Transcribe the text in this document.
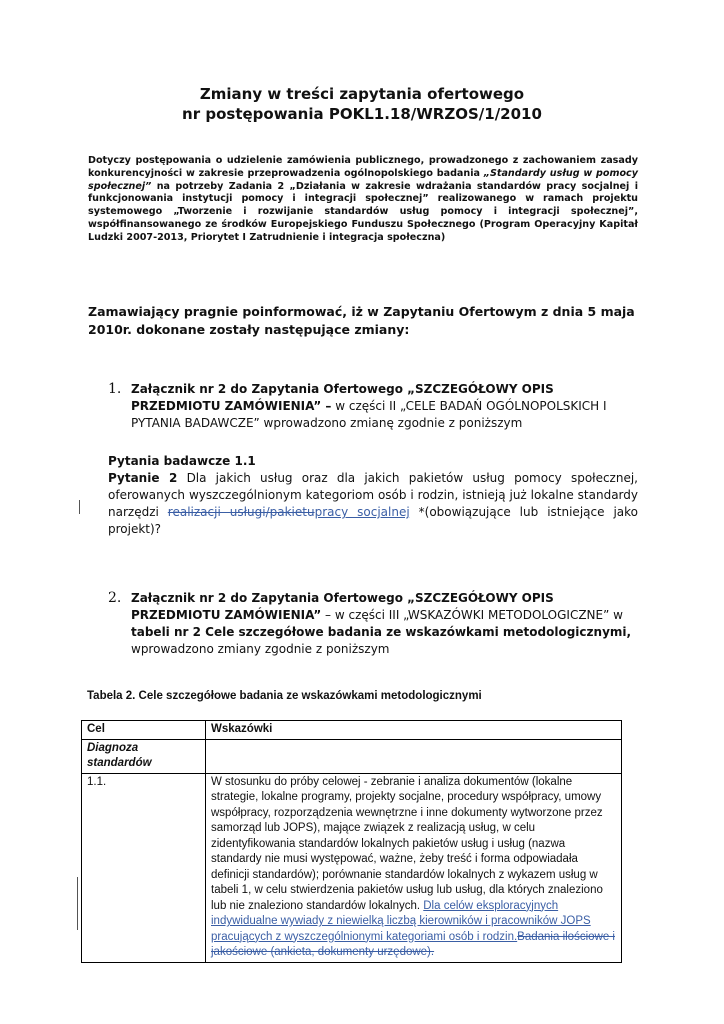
Zmiany w treści zapytania ofertowego
nr postępowania POKL1.18/WRZOS/1/2010
Dotyczy postępowania o udzielenie zamówienia publicznego, prowadzonego z zachowaniem zasady konkurencyjności w zakresie przeprowadzenia ogólnopolskiego badania „Standardy usług w pomocy społecznej” na potrzeby Zadania 2 „Działania w zakresie wdrażania standardów pracy socjalnej i funkcjonowania instytucji pomocy i integracji społecznej” realizowanego w ramach projektu systemowego „Tworzenie i rozwijanie standardów usług pomocy i integracji społecznej”, współfinansowanego ze środków Europejskiego Funduszu Społecznego (Program Operacyjny Kapitał Ludzki 2007-2013, Priorytet I Zatrudnienie i integracja społeczna)
Zamawiający pragnie poinformować, iż w Zapytaniu Ofertowym z dnia 5 maja 2010r. dokonane zostały następujące zmiany:
1. Załącznik nr 2 do Zapytania Ofertowego „SZCZEGÓŁOWY OPIS PRZEDMIOTU ZAMÓWIENIA” – w części II „CELE BADAŃ OGÓLNOPOLSKICH I PYTANIA BADAWCZE” wprowadzono zmianę zgodnie z poniższym
Pytania badawcze 1.1
Pytanie 2 Dla jakich usług oraz dla jakich pakietów usług pomocy społecznej, oferowanych wyszczególnionym kategoriom osób i rodzin, istnieją już lokalne standardy narzędzi realizacji usługi/pakietupracy socjalnej *(obowiązujące lub istniejące jako projekt)?
2. Załącznik nr 2 do Zapytania Ofertowego „SZCZEGÓŁOWY OPIS PRZEDMIOTU ZAMÓWIENIA” – w części III „WSKAZÓWKI METODOLOGICZNE” w tabeli nr 2 Cele szczegółowe badania ze wskazówkami metodologicznymi, wprowadzono zmiany zgodnie z poniższym
Tabela 2. Cele szczegółowe badania ze wskazówkami metodologicznymi
Cel	Wskazówki
Diagnoza standardów	
1.1.	W stosunku do próby celowej - zebranie i analiza dokumentów (lokalne strategie, lokalne programy, projekty socjalne, procedury współpracy, umowy współpracy, rozporządzenia wewnętrzne i inne dokumenty wytworzone przez samorząd lub JOPS), mające związek z realizacją usług, w celu zidentyfikowania standardów lokalnych pakietów usług i usług (nazwa standardy nie musi występować, ważne, żeby treść i forma odpowiadała definicji standardów); porównanie standardów lokalnych z wykazem usług w tabeli 1, w celu stwierdzenia pakietów usług lub usług, dla których znaleziono lub nie znaleziono standardów lokalnych. Dla celów eksploracyjnych indywidualne wywiady z niewielką liczbą kierowników i pracowników JOPS pracujących z wyszczególnionymi kategoriami osób i rodzin.Badania ilościowe i jakościowe (ankieta, dokumenty urzędowe).
